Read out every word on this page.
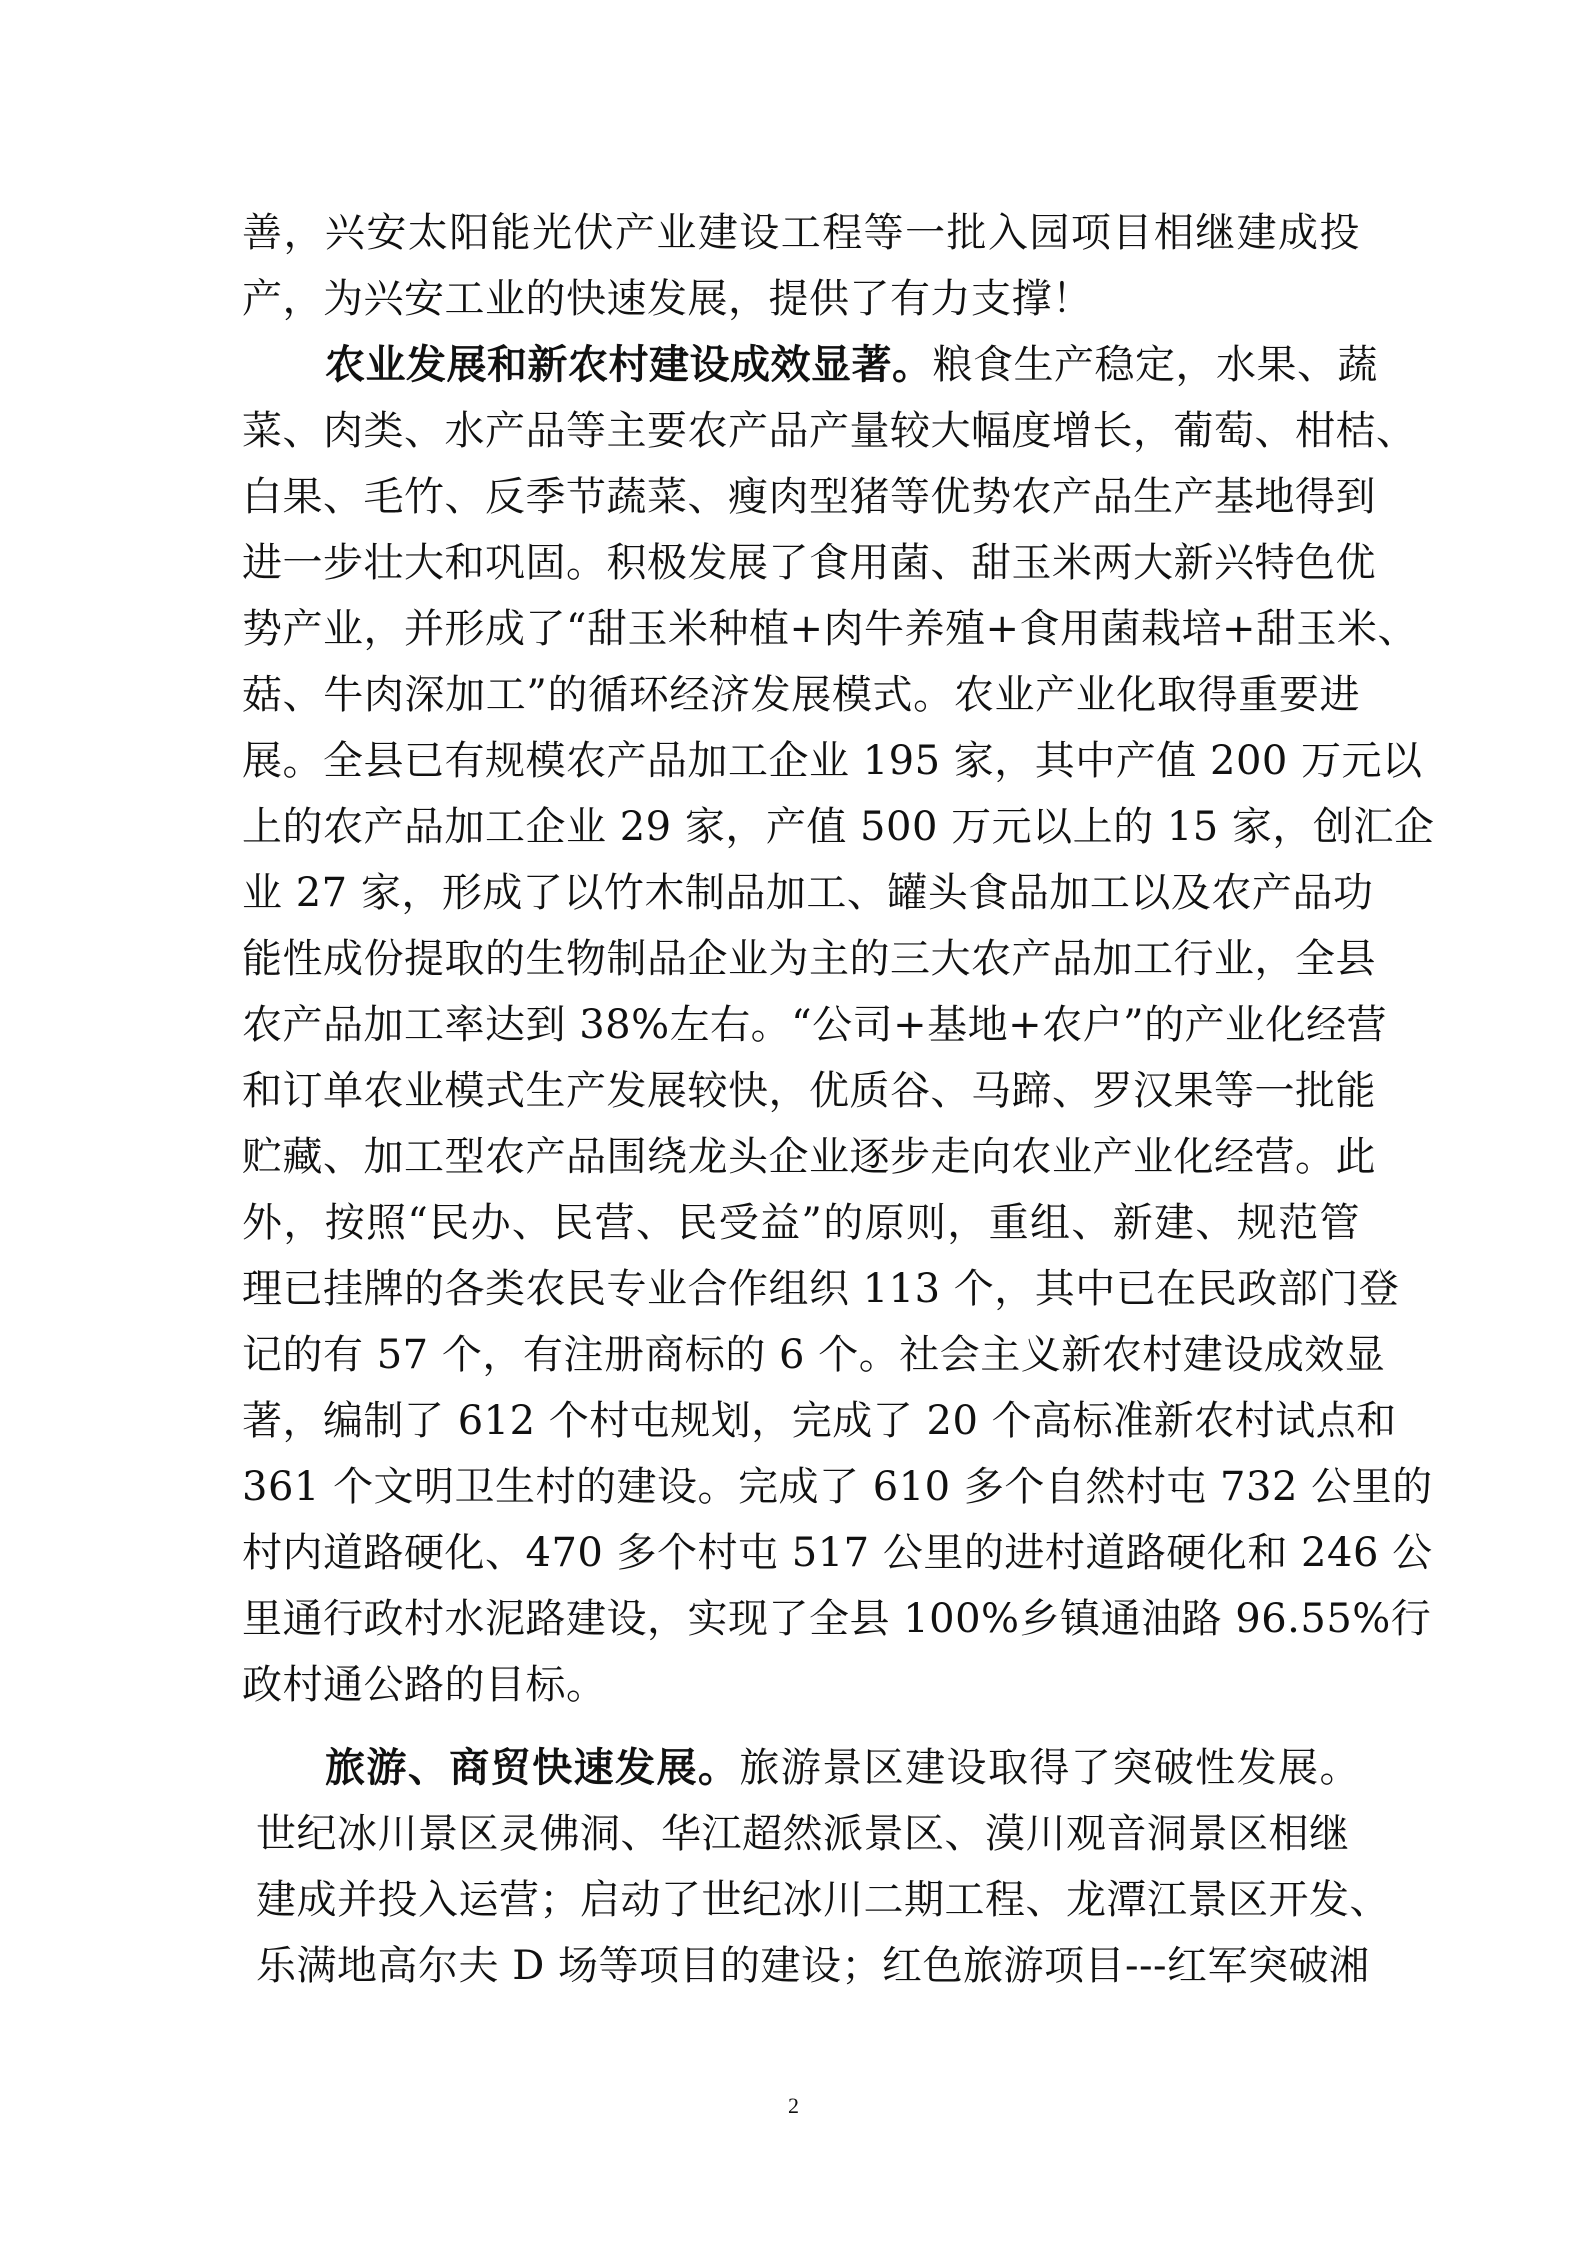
善，兴安太阳能光伏产业建设工程等一批入园项目相继建成投
产，为兴安工业的快速发展，提供了有力支撑！
农业发展和新农村建设成效显著。粮食生产稳定，水果、蔬
菜、肉类、水产品等主要农产品产量较大幅度增长，葡萄、柑桔、
白果、毛竹、反季节蔬菜、瘦肉型猪等优势农产品生产基地得到
进一步壮大和巩固。积极发展了食用菌、甜玉米两大新兴特色优
势产业，并形成了“甜玉米种植+肉牛养殖+食用菌栽培+甜玉米、
菇、牛肉深加工”的循环经济发展模式。农业产业化取得重要进
展。全县已有规模农产品加工企业 195 家，其中产值 200 万元以
上的农产品加工企业 29 家，产值 500 万元以上的 15 家，创汇企
业 27 家，形成了以竹木制品加工、罐头食品加工以及农产品功
能性成份提取的生物制品企业为主的三大农产品加工行业，全县
农产品加工率达到 38%左右。“公司+基地+农户”的产业化经营
和订单农业模式生产发展较快，优质谷、马蹄、罗汉果等一批能
贮藏、加工型农产品围绕龙头企业逐步走向农业产业化经营。此
外，按照“民办、民营、民受益”的原则，重组、新建、规范管
理已挂牌的各类农民专业合作组织 113 个，其中已在民政部门登
记的有 57 个，有注册商标的 6 个。社会主义新农村建设成效显
著，编制了 612 个村屯规划，完成了 20 个高标准新农村试点和
361 个文明卫生村的建设。完成了 610 多个自然村屯 732 公里的
村内道路硬化、470 多个村屯 517 公里的进村道路硬化和 246 公
里通行政村水泥路建设，实现了全县 100%乡镇通油路 96.55%行
政村通公路的目标。
旅游、商贸快速发展。旅游景区建设取得了突破性发展。
世纪冰川景区灵佛洞、华江超然派景区、漠川观音洞景区相继
建成并投入运营；启动了世纪冰川二期工程、龙潭江景区开发、
乐满地高尔夫 D 场等项目的建设；红色旅游项目---红军突破湘
2
